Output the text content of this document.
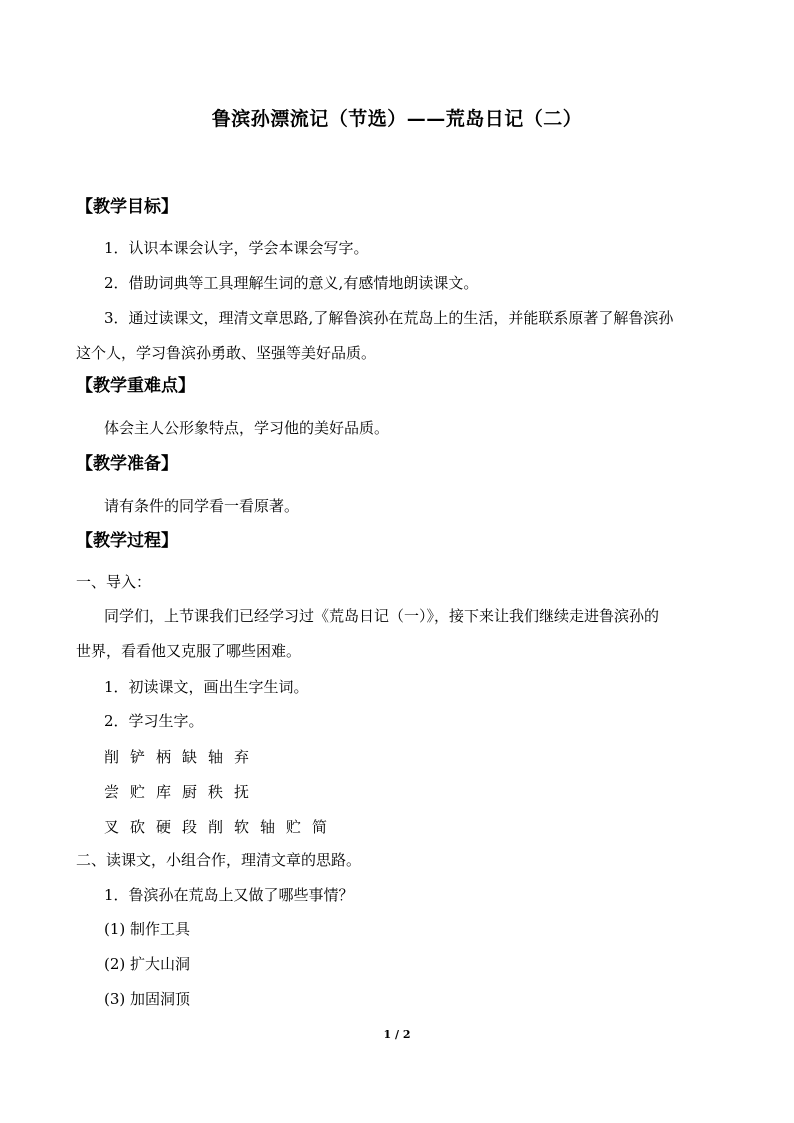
鲁滨孙漂流记（节选）——荒岛日记（二）
【教学目标】
1．认识本课会认字，学会本课会写字。
2．借助词典等工具理解生词的意义,有感情地朗读课文。
3．通过读课文，理清文章思路,了解鲁滨孙在荒岛上的生活，并能联系原著了解鲁滨孙
这个人，学习鲁滨孙勇敢、坚强等美好品质。
【教学重难点】
体会主人公形象特点，学习他的美好品质。
【教学准备】
请有条件的同学看一看原著。
【教学过程】
一、导入：
同学们，上节课我们已经学习过《荒岛日记（一）》，接下来让我们继续走进鲁滨孙的
世界，看看他又克服了哪些困难。
1．初读课文，画出生字生词。
2．学习生字。
削 铲 柄 缺 轴 弃
尝 贮 库 厨 秩 抚
叉 砍 硬 段 削 软 轴 贮 简
二、读课文，小组合作，理清文章的思路。
1．鲁滨孙在荒岛上又做了哪些事情？
(1) 制作工具
(2) 扩大山洞
(3) 加固洞顶
1 / 2
